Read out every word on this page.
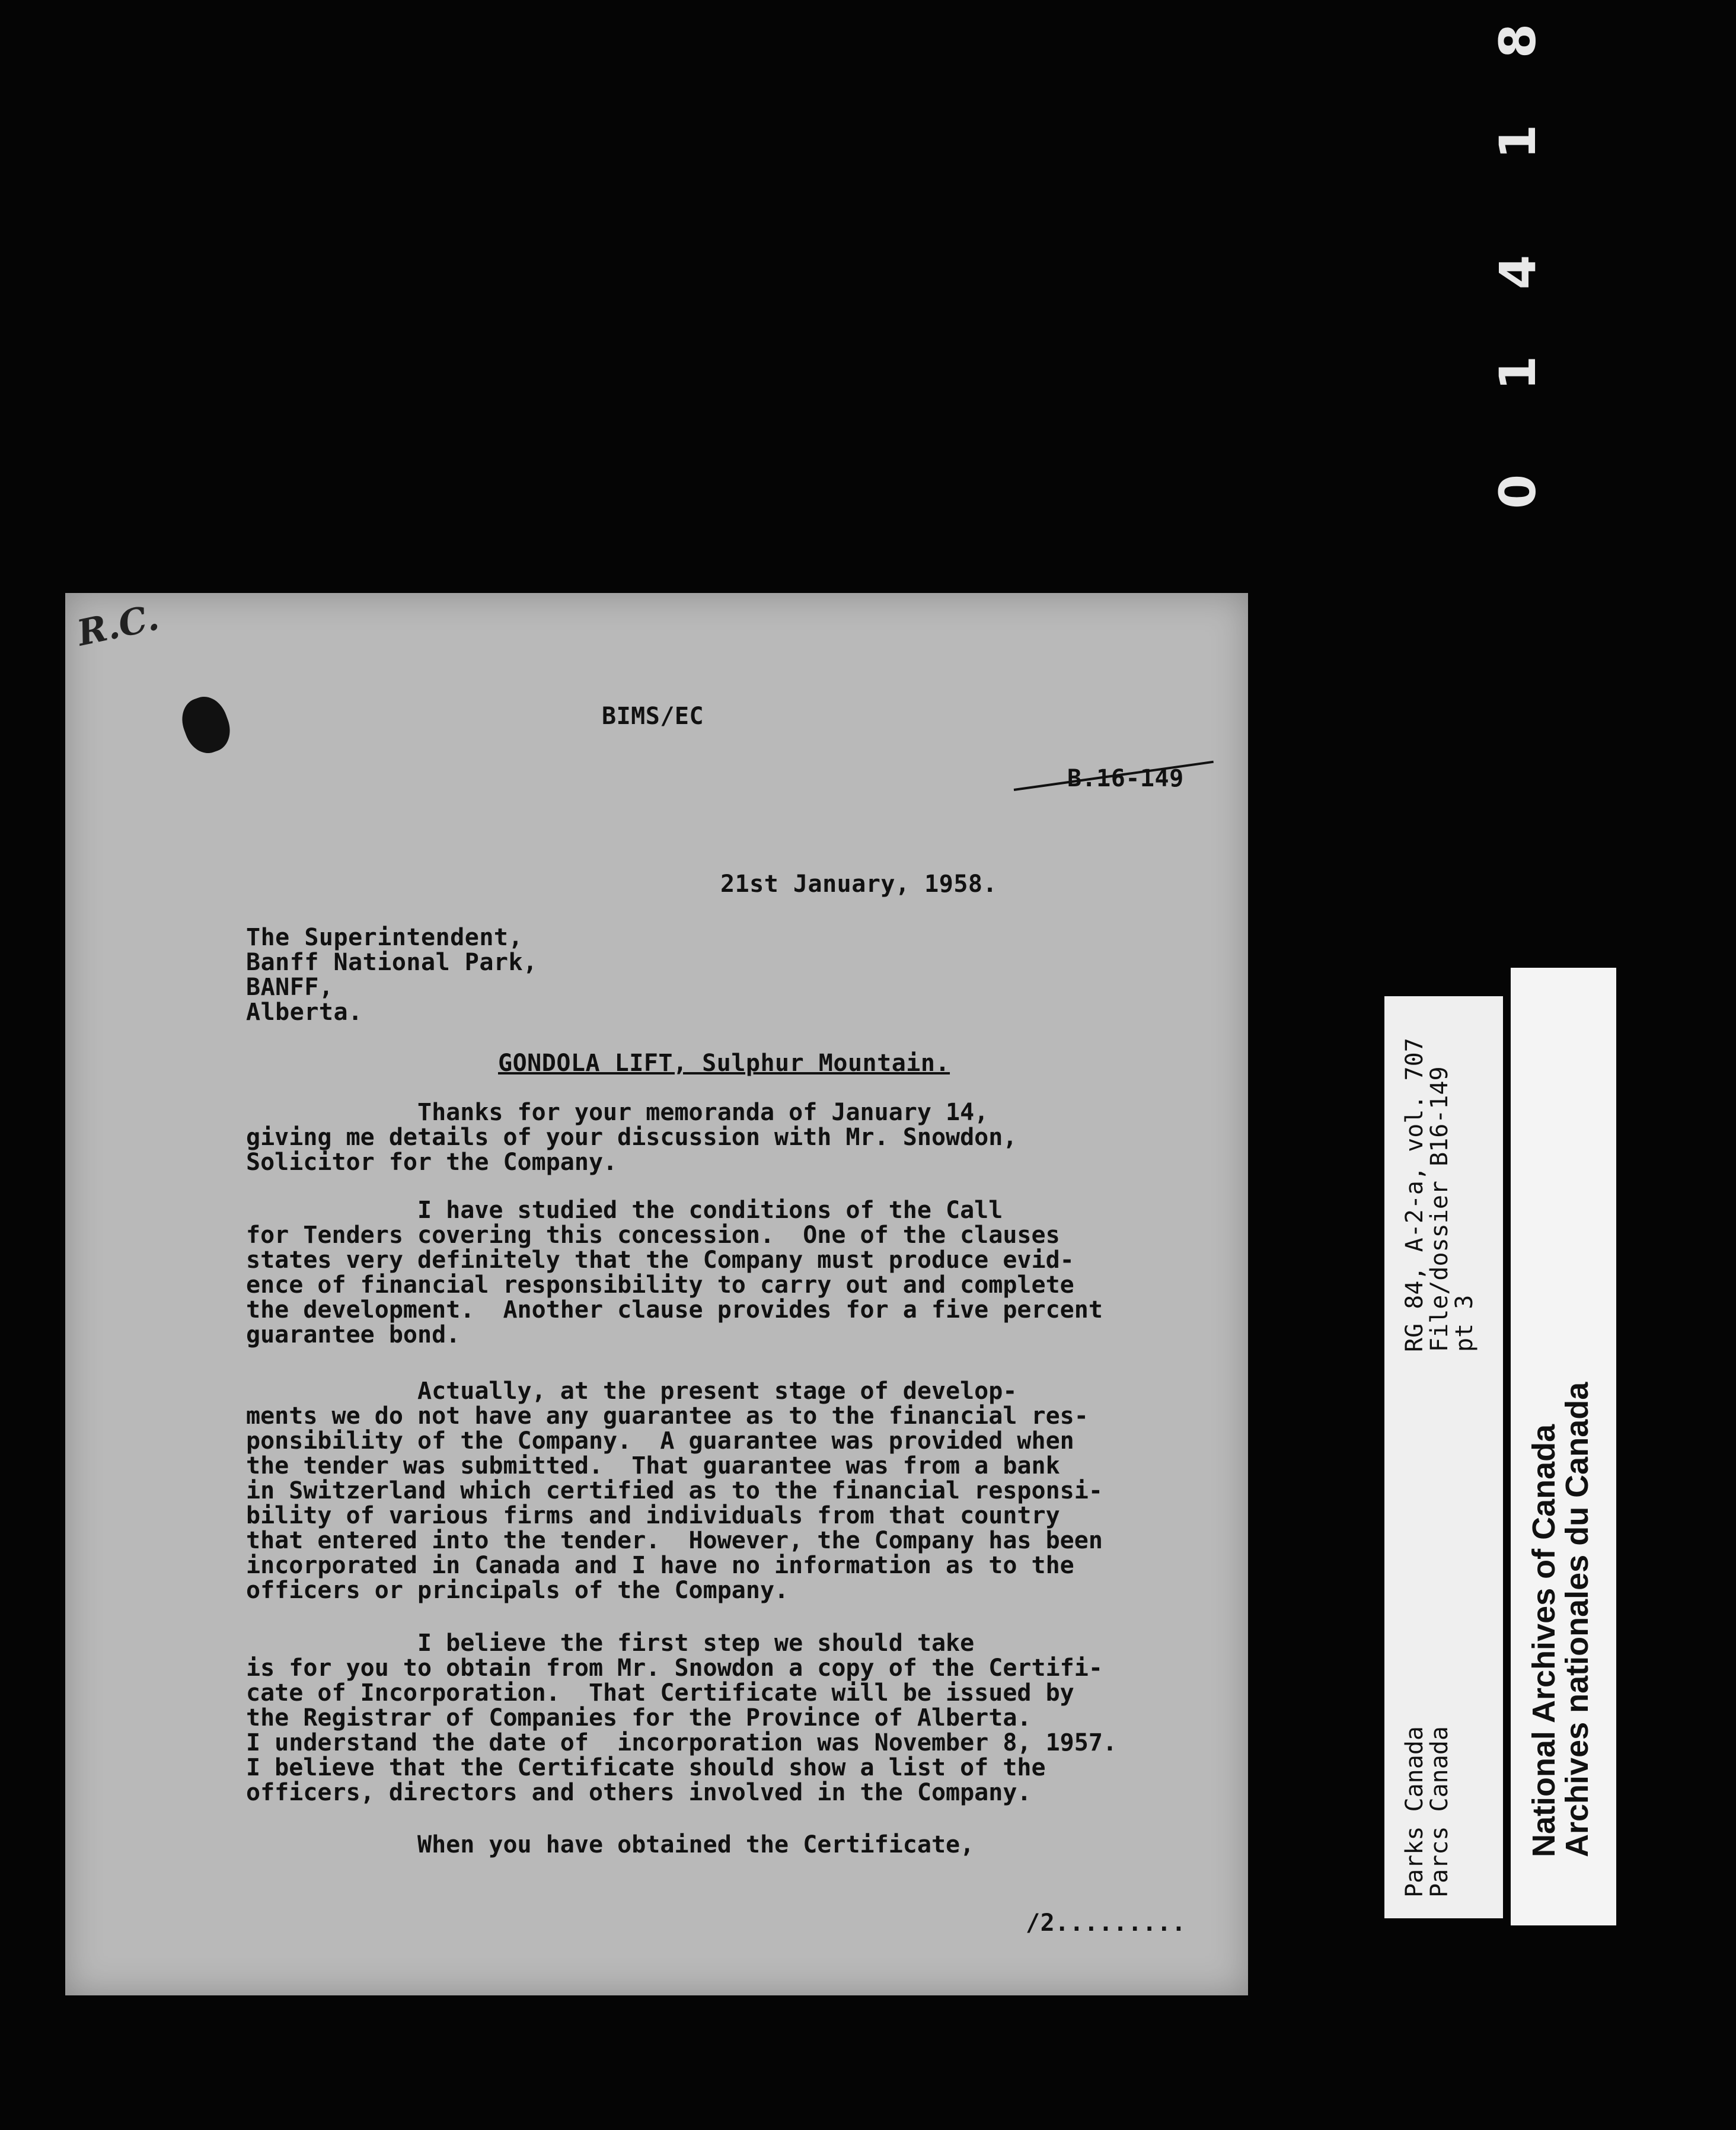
8
1
4
1
0
R.C.
BIMS/EC
B.16-149
21st January, 1958.
The Superintendent,
Banff National Park,
BANFF,
Alberta.
GONDOLA LIFT, Sulphur Mountain.
Thanks for your memoranda of January 14,
giving me details of your discussion with Mr. Snowdon,
Solicitor for the Company.
I have studied the conditions of the Call
for Tenders covering this concession.  One of the clauses
states very definitely that the Company must produce evid-
ence of financial responsibility to carry out and complete
the development.  Another clause provides for a five percent
guarantee bond.
Actually, at the present stage of develop-
ments we do not have any guarantee as to the financial res-
ponsibility of the Company.  A guarantee was provided when
the tender was submitted.  That guarantee was from a bank
in Switzerland which certified as to the financial responsi-
bility of various firms and individuals from that country
that entered into the tender.  However, the Company has been
incorporated in Canada and I have no information as to the
officers or principals of the Company.
I believe the first step we should take
is for you to obtain from Mr. Snowdon a copy of the Certifi-
cate of Incorporation.  That Certificate will be issued by
the Registrar of Companies for the Province of Alberta.
I understand the date of  incorporation was November 8, 1957.
I believe that the Certificate should show a list of the
officers, directors and others involved in the Company.
When you have obtained the Certificate,
/2.........
RG 84, A-2-a, vol. 707
File/dossier B16-149
pt 3
Parks Canada
Parcs Canada National Archives of Canada
Archives nationales du Canada
